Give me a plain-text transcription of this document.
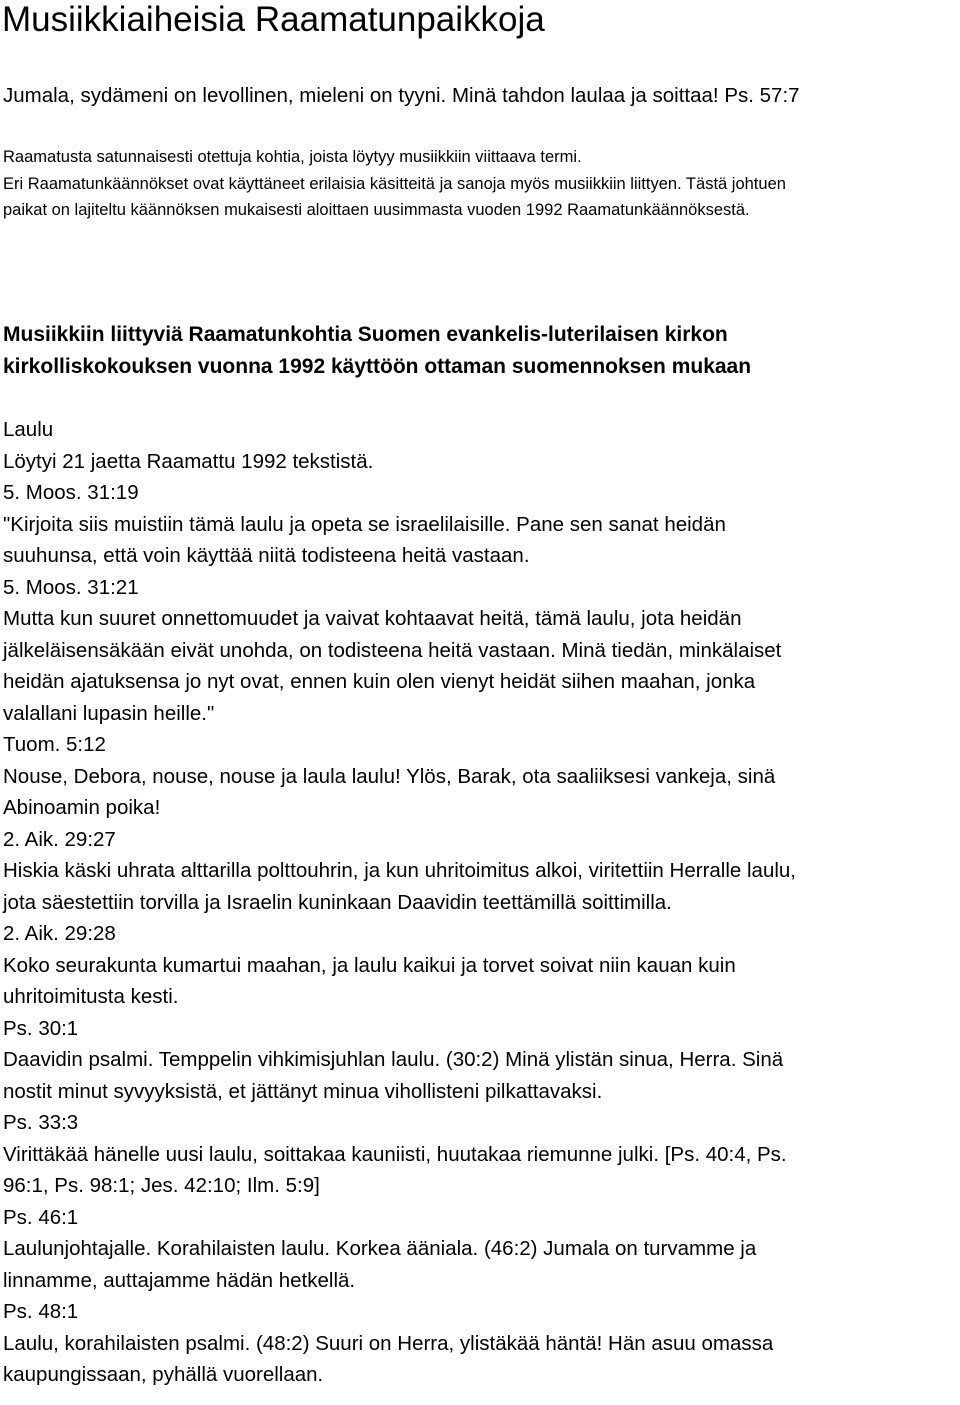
Musiikkiaiheisia Raamatunpaikkoja

Jumala, sydämeni on levollinen, mieleni on tyyni. Minä tahdon laulaa ja soittaa! Ps. 57:7

Raamatusta satunnaisesti otettuja kohtia, joista löytyy musiikkiin viittaava termi.
Eri Raamatunkäännökset ovat käyttäneet erilaisia käsitteitä ja sanoja myös musiikkiin liittyen. Tästä johtuen
paikat on lajiteltu käännöksen mukaisesti aloittaen uusimmasta vuoden 1992 Raamatunkäännöksestä.
Musiikkiin liittyviä Raamatunkohtia Suomen evankelis-luterilaisen kirkon
kirkolliskokouksen vuonna 1992 käyttöön ottaman suomennoksen mukaan
Laulu
Löytyi 21 jaetta Raamattu 1992 tekstistä.
5. Moos. 31:19
"Kirjoita siis muistiin tämä laulu ja opeta se israelilaisille. Pane sen sanat heidän
suuhunsa, että voin käyttää niitä todisteena heitä vastaan.
5. Moos. 31:21
Mutta kun suuret onnettomuudet ja vaivat kohtaavat heitä, tämä laulu, jota heidän
jälkeläisensäkään eivät unohda, on todisteena heitä vastaan. Minä tiedän, minkälaiset
heidän ajatuksensa jo nyt ovat, ennen kuin olen vienyt heidät siihen maahan, jonka
valallani lupasin heille."
Tuom. 5:12
Nouse, Debora, nouse, nouse ja laula laulu! Ylös, Barak, ota saaliiksesi vankeja, sinä
Abinoamin poika!
2. Aik. 29:27
Hiskia käski uhrata alttarilla polttouhrin, ja kun uhritoimitus alkoi, viritettiin Herralle laulu,
jota säestettiin torvilla ja Israelin kuninkaan Daavidin teettämillä soittimilla.
2. Aik. 29:28
Koko seurakunta kumartui maahan, ja laulu kaikui ja torvet soivat niin kauan kuin
uhritoimitusta kesti.
Ps. 30:1
Daavidin psalmi. Temppelin vihkimisjuhlan laulu. (30:2) Minä ylistän sinua, Herra. Sinä
nostit minut syvyyksistä, et jättänyt minua vihollisteni pilkattavaksi.
Ps. 33:3
Virittäkää hänelle uusi laulu, soittakaa kauniisti, huutakaa riemunne julki. [Ps. 40:4, Ps.
96:1, Ps. 98:1; Jes. 42:10; Ilm. 5:9]
Ps. 46:1
Laulunjohtajalle. Korahilaisten laulu. Korkea ääniala. (46:2) Jumala on turvamme ja
linnamme, auttajamme hädän hetkellä.
Ps. 48:1
Laulu, korahilaisten psalmi. (48:2) Suuri on Herra, ylistäkää häntä! Hän asuu omassa
kaupungissaan, pyhällä vuorellaan.
